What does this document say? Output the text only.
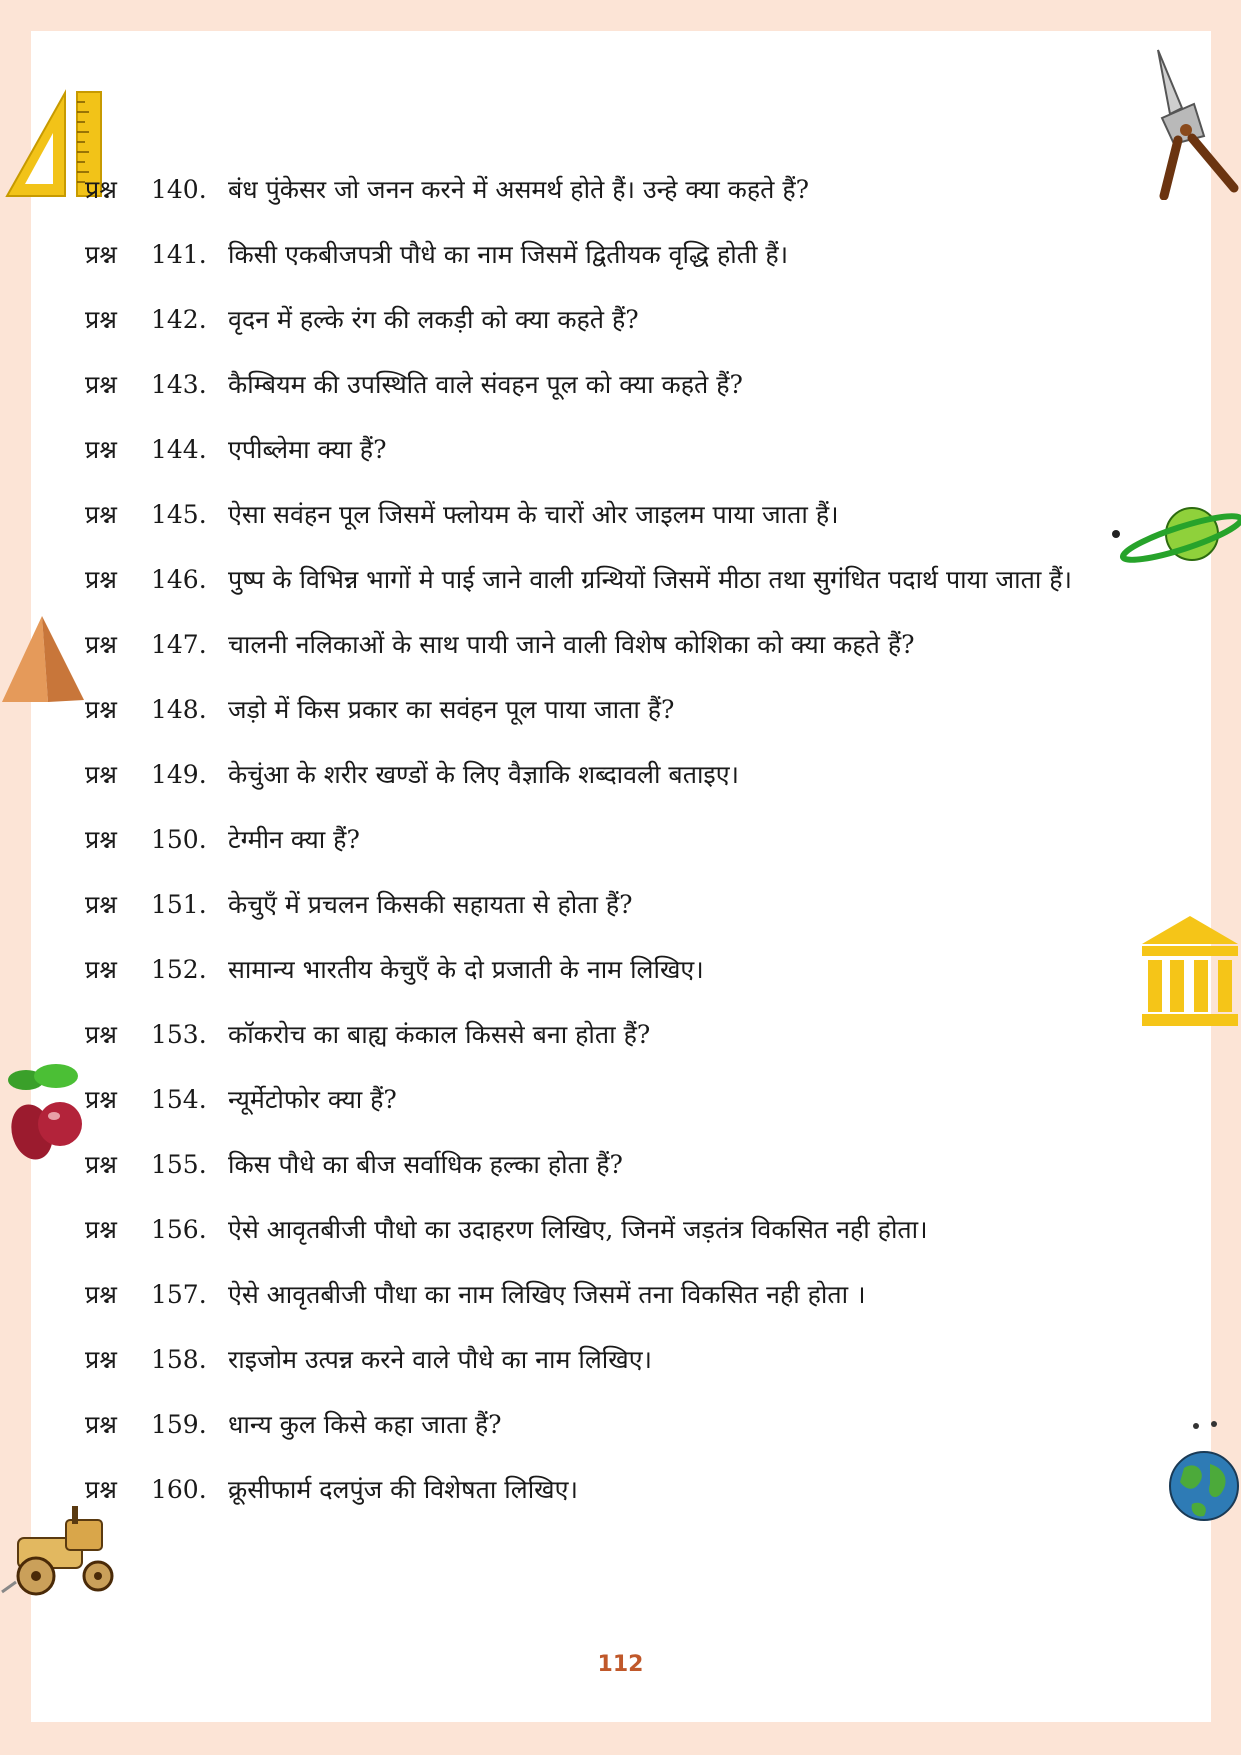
प्रश्न	140. बंध पुंकेसर जो जनन करने में असमर्थ होते हैं। उन्हे क्या कहते हैं?
प्रश्न	141. किसी एकबीजपत्री पौधे का नाम जिसमें द्वितीयक वृद्धि होती हैं।
प्रश्न	142. वृदन में हल्के रंग की लकड़ी को क्या कहते हैं?
प्रश्न	143. कैम्बियम की उपस्थिति वाले संवहन पूल को क्या कहते हैं?
प्रश्न	144. एपीब्लेमा क्या हैं?
प्रश्न	145. ऐसा सवंहन पूल जिसमें फ्लोयम के चारों ओर जाइलम पाया जाता हैं।
प्रश्न	146. पुष्प के विभिन्न भागों मे पाई जाने वाली ग्रन्थियों जिसमें मीठा तथा सुगंधित पदार्थ पाया जाता हैं।
प्रश्न	147. चालनी नलिकाओं के साथ पायी जाने वाली विशेष कोशिका को क्या कहते हैं?
प्रश्न	148. जड़ो में किस प्रकार का सवंहन पूल पाया जाता हैं?
प्रश्न	149. केचुंआ के शरीर खण्डों के लिए वैज्ञाकि शब्दावली बताइए।
प्रश्न	150. टेग्मीन क्या हैं?
प्रश्न	151. केचुएँ में प्रचलन किसकी सहायता से होता हैं?
प्रश्न	152. सामान्य भारतीय केचुएँ के दो प्रजाती के नाम लिखिए।
प्रश्न	153. कॉकरोच का बाह्य कंकाल किससे बना होता हैं?
प्रश्न	154. न्यूर्मेटोफोर क्या हैं?
प्रश्न	155. किस पौधे का बीज सर्वाधिक हल्का होता हैं?
प्रश्न	156. ऐसे आवृतबीजी पौधो का उदाहरण लिखिए, जिनमें जड़तंत्र विकसित नही होता।
प्रश्न	157. ऐसे आवृतबीजी पौधा का नाम लिखिए जिसमें तना विकसित नही होता ।
प्रश्न	158. राइजोम उत्पन्न करने वाले पौधे का नाम लिखिए।
प्रश्न	159. धान्य कुल किसे कहा जाता हैं?
प्रश्न	160. क्रूसीफार्म दलपुंज की विशेषता लिखिए।
112
